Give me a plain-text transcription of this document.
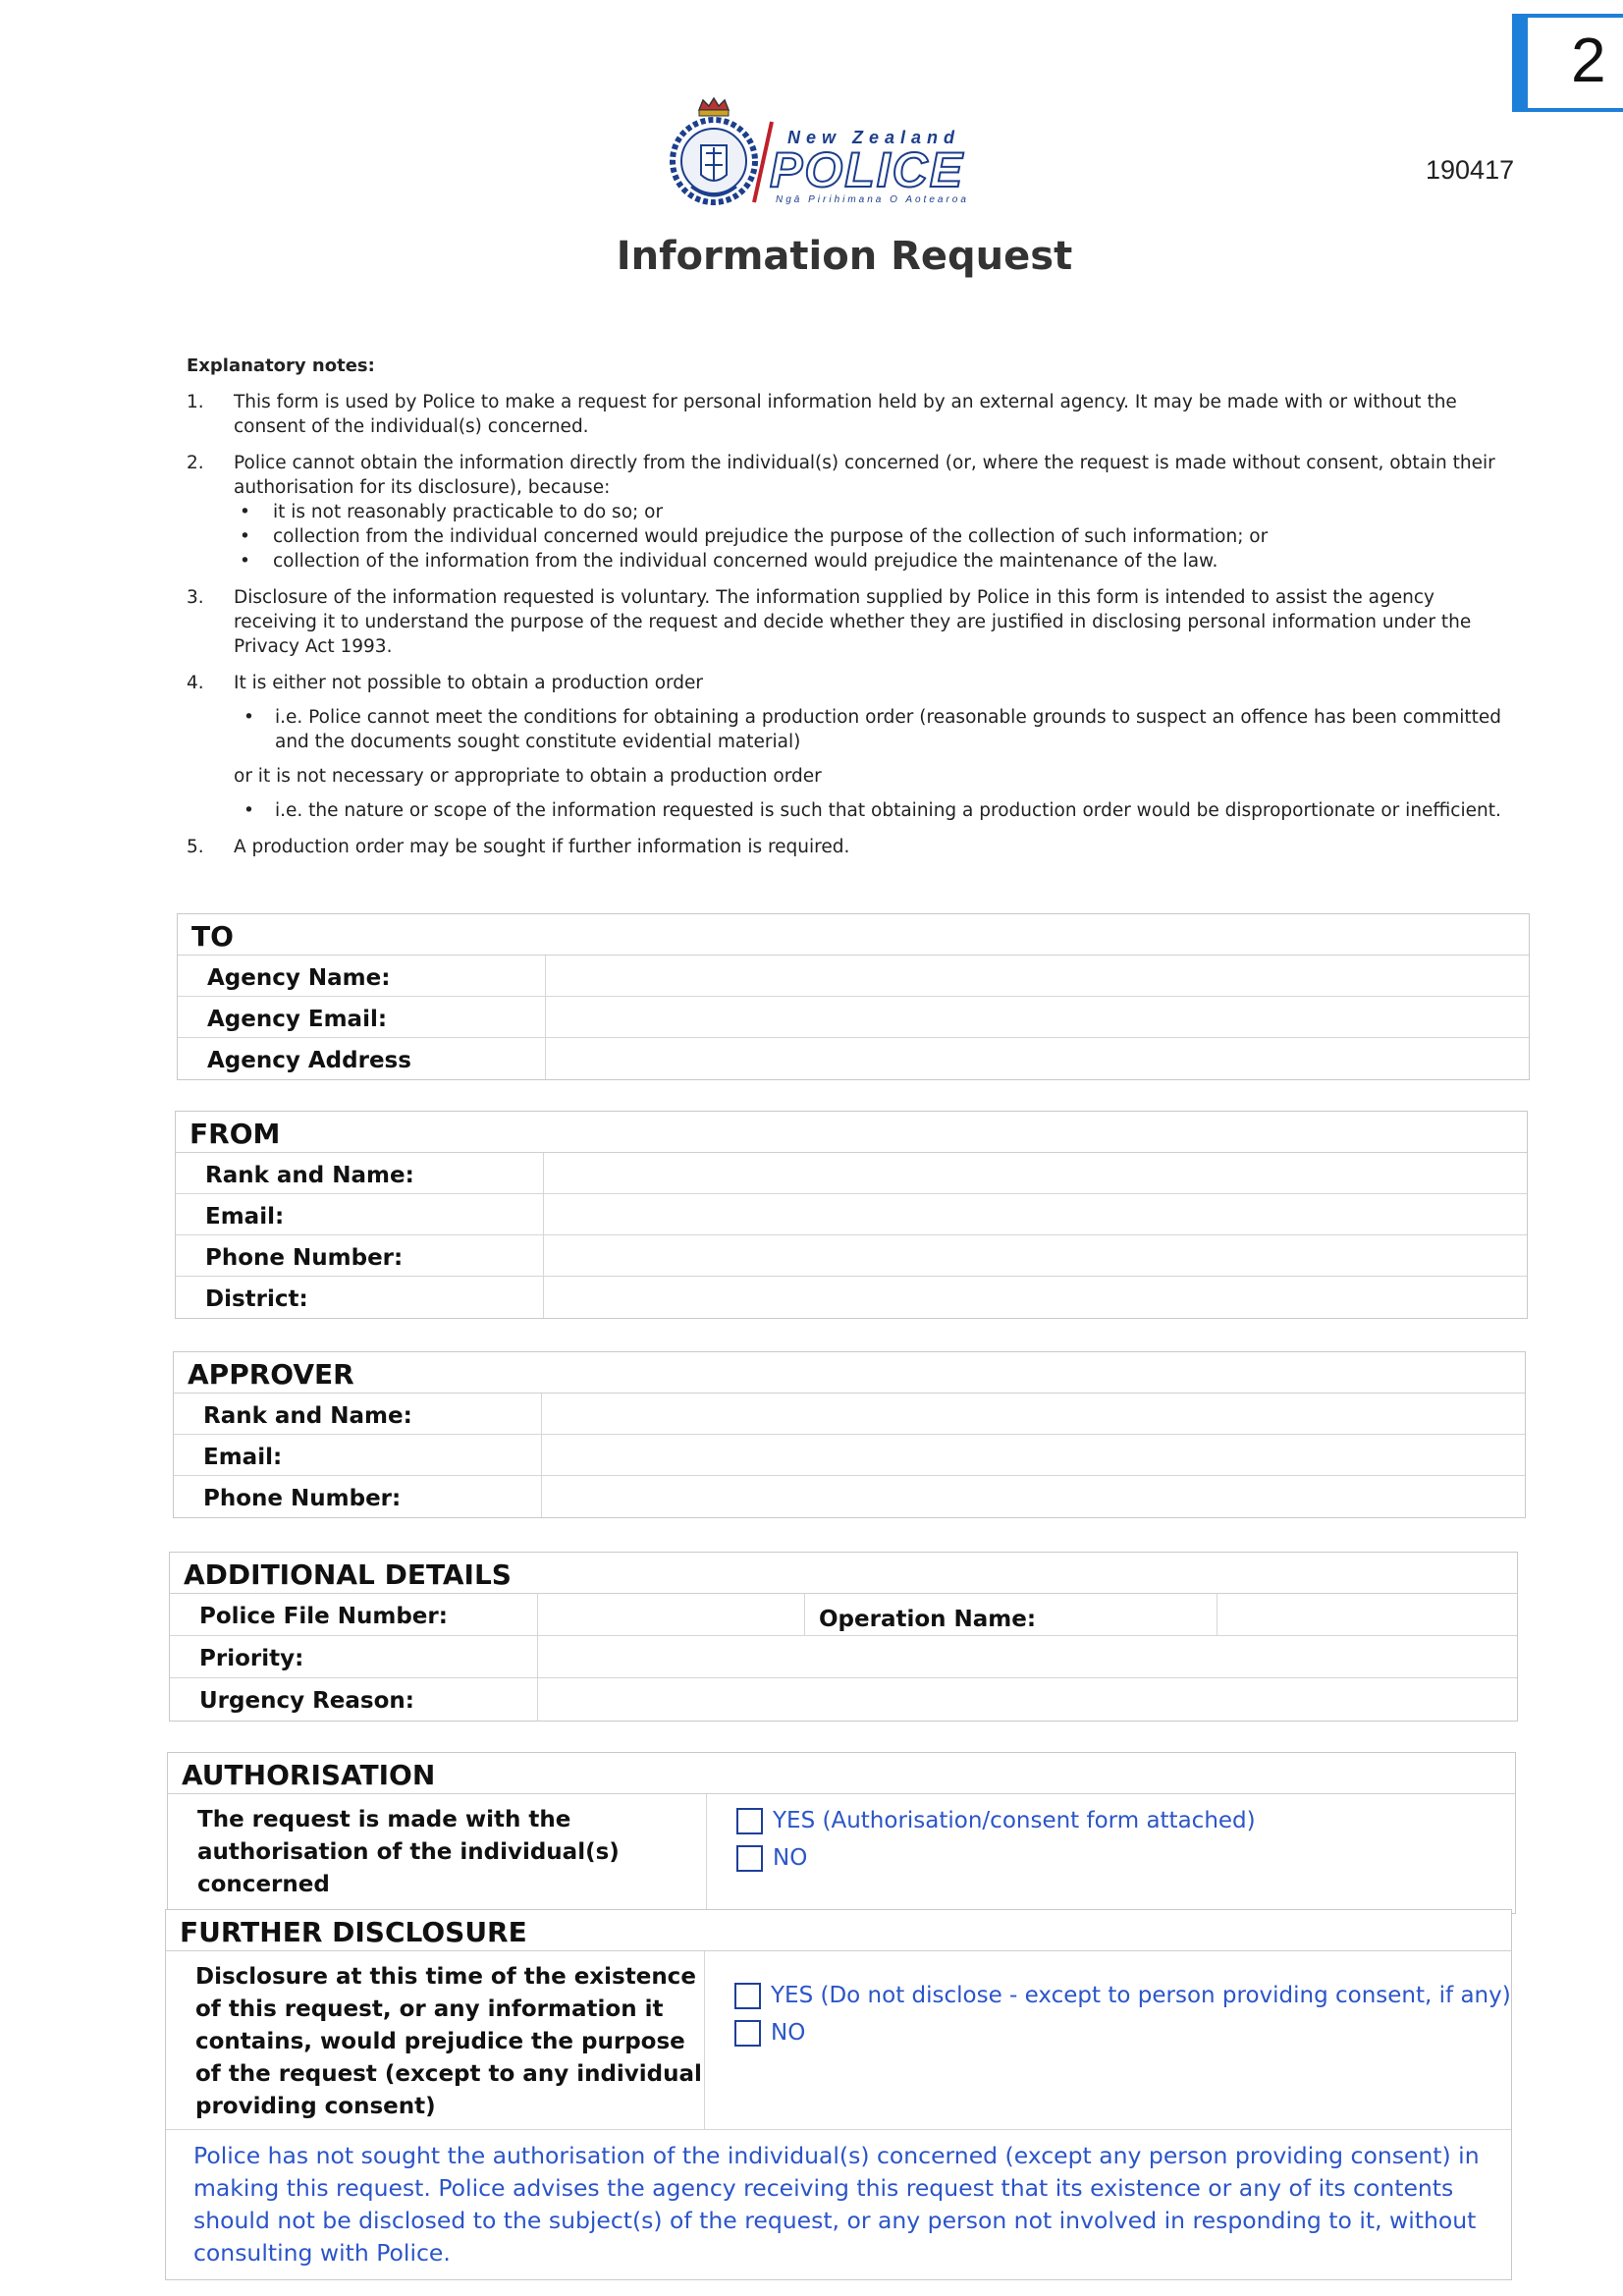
2
190417
New Zealand
POLICE
Ngā Pirihimana O Aotearoa
Information Request
Explanatory notes:
1. This form is used by Police to make a request for personal information held by an external agency. It may be made with or without the consent of the individual(s) concerned.
2. Police cannot obtain the information directly from the individual(s) concerned (or, where the request is made without consent, obtain their authorisation for its disclosure), because:
• it is not reasonably practicable to do so; or
• collection from the individual concerned would prejudice the purpose of the collection of such information; or
• collection of the information from the individual concerned would prejudice the maintenance of the law.
3. Disclosure of the information requested is voluntary. The information supplied by Police in this form is intended to assist the agency receiving it to understand the purpose of the request and decide whether they are justified in disclosing personal information under the Privacy Act 1993.
4. It is either not possible to obtain a production order
• i.e. Police cannot meet the conditions for obtaining a production order (reasonable grounds to suspect an offence has been committed and the documents sought constitute evidential material)
or it is not necessary or appropriate to obtain a production order
• i.e. the nature or scope of the information requested is such that obtaining a production order would be disproportionate or inefficient.
5. A production order may be sought if further information is required.
TO
Agency Name:
Agency Email:
Agency Address
FROM
Rank and Name:
Email:
Phone Number:
District:
APPROVER
Rank and Name:
Email:
Phone Number:
ADDITIONAL DETAILS
Police File Number:	Operation Name:
Priority:
Urgency Reason:
AUTHORISATION
The request is made with the authorisation of the individual(s) concerned
YES (Authorisation/consent form attached)
NO
FURTHER DISCLOSURE
Disclosure at this time of the existence of this request, or any information it contains, would prejudice the purpose of the request (except to any individual providing consent)
YES (Do not disclose - except to person providing consent, if any)
NO
Police has not sought the authorisation of the individual(s) concerned (except any person providing consent) in making this request. Police advises the agency receiving this request that its existence or any of its contents should not be disclosed to the subject(s) of the request, or any person not involved in responding to it, without consulting with Police.
